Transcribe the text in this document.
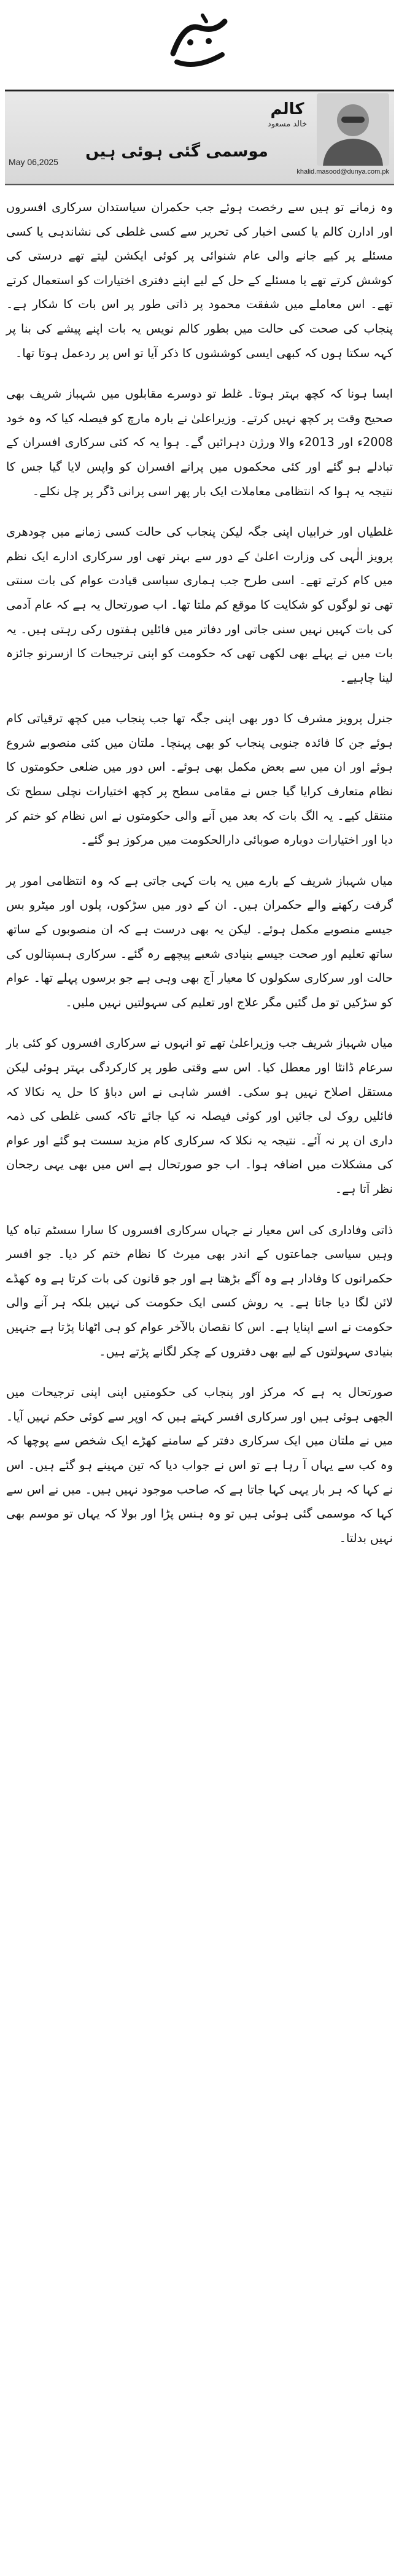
کالم
خالد مسعود
موسمی گئی ہوئی ہیں
May 06,2025
khalid.masood@dunya.com.pk

وہ زمانے تو ہیں سے رخصت ہوئے جب حکمران سیاستدان سرکاری افسروں اور ادارن کالم یا کسی اخبار کی تحریر سے کسی غلطی کی نشاندہی یا کسی مسئلے پر کیے جانے والی عام شنوائی پر کوئی ایکشن لیتے تھے درستی کی کوشش کرتے تھے یا مسئلے کے حل کے لیے اپنے دفتری اختیارات کو استعمال کرتے تھے۔ اس معاملے میں شفقت محمود پر ذاتی طور پر اس بات کا شکار ہے۔ پنجاب کی صحت کی حالت میں بطور کالم نویس یہ بات اپنے پیشے کی بنا پر کہہ سکتا ہوں کہ کبھی ایسی کوششوں کا ذکر آیا تو اس پر ردعمل ہوتا تھا۔

ایسا ہونا کہ کچھ بہتر ہوتا۔ غلط تو دوسرے مقابلوں میں شہباز شریف بھی صحیح وقت پر کچھ نہیں کرتے۔ وزیراعلیٰ نے بارہ مارچ کو فیصلہ کیا کہ وہ خود 2008ء اور 2013ء والا ورژن دہرائیں گے۔ ہوا یہ کہ کئی سرکاری افسران کے تبادلے ہو گئے اور کئی محکموں میں پرانے افسران کو واپس لایا گیا جس کا نتیجہ یہ ہوا کہ انتظامی معاملات ایک بار پھر اسی پرانی ڈگر پر چل نکلے۔

غلطیاں اور خرابیاں اپنی جگہ لیکن پنجاب کی حالت کسی زمانے میں چودھری پرویز الٰہی کی وزارت اعلیٰ کے دور سے بہتر تھی اور سرکاری ادارے ایک نظم میں کام کرتے تھے۔ اسی طرح جب ہماری سیاسی قیادت عوام کی بات سنتی تھی تو لوگوں کو شکایت کا موقع کم ملتا تھا۔ اب صورتحال یہ ہے کہ عام آدمی کی بات کہیں نہیں سنی جاتی اور دفاتر میں فائلیں ہفتوں رکی رہتی ہیں۔ یہ بات میں نے پہلے بھی لکھی تھی کہ حکومت کو اپنی ترجیحات کا ازسرنو جائزہ لینا چاہیے۔

جنرل پرویز مشرف کا دور بھی اپنی جگہ تھا جب پنجاب میں کچھ ترقیاتی کام ہوئے جن کا فائدہ جنوبی پنجاب کو بھی پہنچا۔ ملتان میں کئی منصوبے شروع ہوئے اور ان میں سے بعض مکمل بھی ہوئے۔ اس دور میں ضلعی حکومتوں کا نظام متعارف کرایا گیا جس نے مقامی سطح پر کچھ اختیارات نچلی سطح تک منتقل کیے۔ یہ الگ بات کہ بعد میں آنے والی حکومتوں نے اس نظام کو ختم کر دیا اور اختیارات دوبارہ صوبائی دارالحکومت میں مرکوز ہو گئے۔

میاں شہباز شریف کے بارے میں یہ بات کہی جاتی ہے کہ وہ انتظامی امور پر گرفت رکھنے والے حکمران ہیں۔ ان کے دور میں سڑکوں، پلوں اور میٹرو بس جیسے منصوبے مکمل ہوئے۔ لیکن یہ بھی درست ہے کہ ان منصوبوں کے ساتھ ساتھ تعلیم اور صحت جیسے بنیادی شعبے پیچھے رہ گئے۔ سرکاری ہسپتالوں کی حالت اور سرکاری سکولوں کا معیار آج بھی وہی ہے جو برسوں پہلے تھا۔ عوام کو سڑکیں تو مل گئیں مگر علاج اور تعلیم کی سہولتیں نہیں ملیں۔

میاں شہباز شریف جب وزیراعلیٰ تھے تو انہوں نے سرکاری افسروں کو کئی بار سرعام ڈانٹا اور معطل کیا۔ اس سے وقتی طور پر کارکردگی بہتر ہوئی لیکن مستقل اصلاح نہیں ہو سکی۔ افسر شاہی نے اس دباؤ کا حل یہ نکالا کہ فائلیں روک لی جائیں اور کوئی فیصلہ نہ کیا جائے تاکہ کسی غلطی کی ذمہ داری ان پر نہ آئے۔ نتیجہ یہ نکلا کہ سرکاری کام مزید سست ہو گئے اور عوام کی مشکلات میں اضافہ ہوا۔ اب جو صورتحال ہے اس میں بھی یہی رجحان نظر آتا ہے۔

ذاتی وفاداری کی اس معیار نے جہاں سرکاری افسروں کا سارا سسٹم تباہ کیا وہیں سیاسی جماعتوں کے اندر بھی میرٹ کا نظام ختم کر دیا۔ جو افسر حکمرانوں کا وفادار ہے وہ آگے بڑھتا ہے اور جو قانون کی بات کرتا ہے وہ کھڈے لائن لگا دیا جاتا ہے۔ یہ روش کسی ایک حکومت کی نہیں بلکہ ہر آنے والی حکومت نے اسے اپنایا ہے۔ اس کا نقصان بالآخر عوام کو ہی اٹھانا پڑتا ہے جنہیں بنیادی سہولتوں کے لیے بھی دفتروں کے چکر لگانے پڑتے ہیں۔

صورتحال یہ ہے کہ مرکز اور پنجاب کی حکومتیں اپنی اپنی ترجیحات میں الجھی ہوئی ہیں اور سرکاری افسر کہتے ہیں کہ اوپر سے کوئی حکم نہیں آیا۔ میں نے ملتان میں ایک سرکاری دفتر کے سامنے کھڑے ایک شخص سے پوچھا کہ وہ کب سے یہاں آ رہا ہے تو اس نے جواب دیا کہ تین مہینے ہو گئے ہیں۔ اس نے کہا کہ ہر بار یہی کہا جاتا ہے کہ صاحب موجود نہیں ہیں۔ میں نے اس سے کہا کہ موسمی گئی ہوئی ہیں تو وہ ہنس پڑا اور بولا کہ یہاں تو موسم بھی نہیں بدلتا۔
